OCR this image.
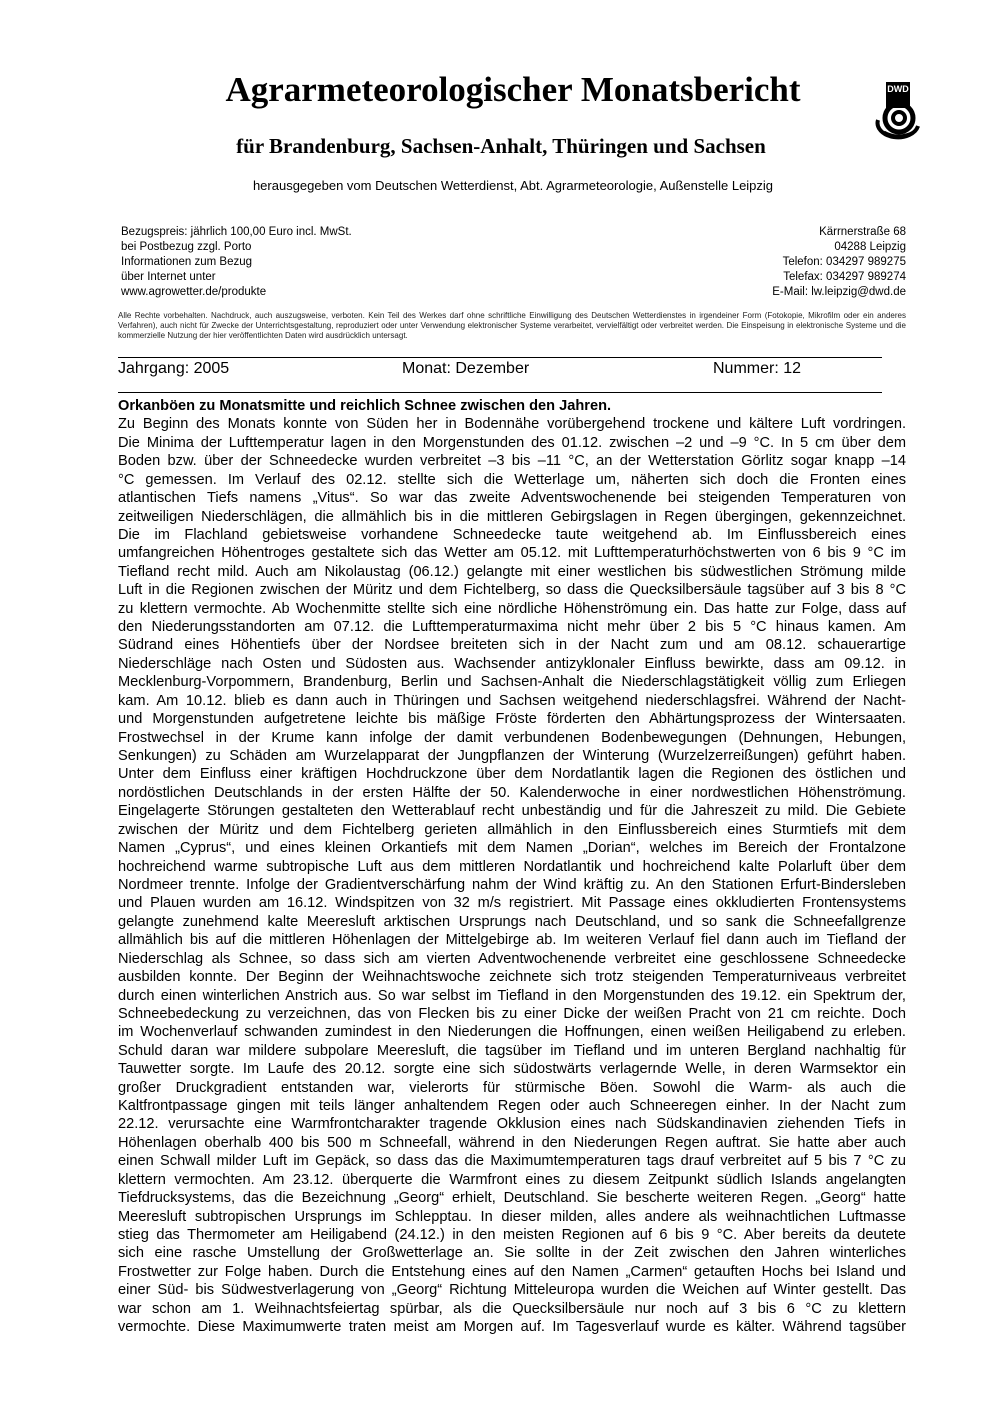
Agrarmeteorologischer Monatsbericht
für Brandenburg, Sachsen-Anhalt, Thüringen und Sachsen
herausgegeben vom Deutschen Wetterdienst, Abt. Agrarmeteorologie, Außenstelle Leipzig
DWD
Bezugspreis: jährlich 100,00 Euro incl. MwSt.
bei Postbezug zzgl. Porto
Informationen zum Bezug
über Internet unter
www.agrowetter.de/produkte
Kärrnerstraße 68
04288 Leipzig
Telefon: 034297 989275
Telefax: 034297 989274
E-Mail: lw.leipzig@dwd.de
Alle Rechte vorbehalten. Nachdruck, auch auszugsweise, verboten. Kein Teil des Werkes darf ohne schriftliche Einwilligung des Deutschen Wetterdienstes in irgendeiner Form (Fotokopie, Mikrofilm oder ein anderes Verfahren), auch nicht für Zwecke der Unterrichtsgestaltung, reproduziert oder unter Verwendung elektronischer Systeme verarbeitet, vervielfältigt oder verbreitet werden. Die Einspeisung in elektronische Systeme und die kommerzielle Nutzung der hier veröffentlichten Daten wird ausdrücklich untersagt.
Jahrgang: 2005	Monat: Dezember	Nummer: 12
Orkanböen zu Monatsmitte und reichlich Schnee zwischen den Jahren.
Zu Beginn des Monats konnte von Süden her in Bodennähe vorübergehend trockene und kältere Luft vordringen.
Die Minima der Lufttemperatur lagen in den Morgenstunden des 01.12. zwischen –2 und –9 °C. In 5 cm über dem
Boden bzw. über der Schneedecke wurden verbreitet –3 bis –11 °C, an der Wetterstation Görlitz sogar knapp –14
°C gemessen. Im Verlauf des 02.12. stellte sich die Wetterlage um, näherten sich doch die Fronten eines
atlantischen Tiefs namens „Vitus“. So war das zweite Adventswochenende bei steigenden Temperaturen von
zeitweiligen Niederschlägen, die allmählich bis in die mittleren Gebirgslagen in Regen übergingen, gekennzeichnet.
Die im Flachland gebietsweise vorhandene Schneedecke taute weitgehend ab. Im Einflussbereich eines
umfangreichen Höhentroges gestaltete sich das Wetter am 05.12. mit Lufttemperaturhöchstwerten von 6 bis 9 °C im
Tiefland recht mild. Auch am Nikolaustag (06.12.) gelangte mit einer westlichen bis südwestlichen Strömung milde
Luft in die Regionen zwischen der Müritz und dem Fichtelberg, so dass die Quecksilbersäule tagsüber auf 3 bis 8 °C
zu klettern vermochte. Ab Wochenmitte stellte sich eine nördliche Höhenströmung ein. Das hatte zur Folge, dass auf
den Niederungsstandorten am 07.12. die Lufttemperaturmaxima nicht mehr über 2 bis 5 °C hinaus kamen. Am
Südrand eines Höhentiefs über der Nordsee breiteten sich in der Nacht zum und am 08.12. schauerartige
Niederschläge nach Osten und Südosten aus. Wachsender antizyklonaler Einfluss bewirkte, dass am 09.12. in
Mecklenburg-Vorpommern, Brandenburg, Berlin und Sachsen-Anhalt die Niederschlagstätigkeit völlig zum Erliegen
kam. Am 10.12. blieb es dann auch in Thüringen und Sachsen weitgehend niederschlagsfrei. Während der Nacht-
und Morgenstunden aufgetretene leichte bis mäßige Fröste förderten den Abhärtungsprozess der Wintersaaten.
Frostwechsel in der Krume kann infolge der damit verbundenen Bodenbewegungen (Dehnungen, Hebungen,
Senkungen) zu Schäden am Wurzelapparat der Jungpflanzen der Winterung (Wurzelzerreißungen) geführt haben.
Unter dem Einfluss einer kräftigen Hochdruckzone über dem Nordatlantik lagen die Regionen des östlichen und
nordöstlichen Deutschlands in der ersten Hälfte der 50. Kalenderwoche in einer nordwestlichen Höhenströmung.
Eingelagerte Störungen gestalteten den Wetterablauf recht unbeständig und für die Jahreszeit zu mild. Die Gebiete
zwischen der Müritz und dem Fichtelberg gerieten allmählich in den Einflussbereich eines Sturmtiefs mit dem
Namen „Cyprus“, und eines kleinen Orkantiefs mit dem Namen „Dorian“, welches im Bereich der Frontalzone
hochreichend warme subtropische Luft aus dem mittleren Nordatlantik und hochreichend kalte Polarluft über dem
Nordmeer trennte. Infolge der Gradientverschärfung nahm der Wind kräftig zu. An den Stationen Erfurt-Bindersleben
und Plauen wurden am 16.12. Windspitzen von 32 m/s registriert. Mit Passage eines okkludierten Frontensystems
gelangte zunehmend kalte Meeresluft arktischen Ursprungs nach Deutschland, und so sank die Schneefallgrenze
allmählich bis auf die mittleren Höhenlagen der Mittelgebirge ab. Im weiteren Verlauf fiel dann auch im Tiefland der
Niederschlag als Schnee, so dass sich am vierten Adventwochenende verbreitet eine geschlossene Schneedecke
ausbilden konnte. Der Beginn der Weihnachtswoche zeichnete sich trotz steigenden Temperaturniveaus verbreitet
durch einen winterlichen Anstrich aus. So war selbst im Tiefland in den Morgenstunden des 19.12. ein Spektrum der,
Schneebedeckung zu verzeichnen, das von Flecken bis zu einer Dicke der weißen Pracht von 21 cm reichte. Doch
im Wochenverlauf schwanden zumindest in den Niederungen die Hoffnungen, einen weißen Heiligabend zu erleben.
Schuld daran war mildere subpolare Meeresluft, die tagsüber im Tiefland und im unteren Bergland nachhaltig für
Tauwetter sorgte. Im Laufe des 20.12. sorgte eine sich südostwärts verlagernde Welle, in deren Warmsektor ein
großer Druckgradient entstanden war, vielerorts für stürmische Böen. Sowohl die Warm- als auch die
Kaltfrontpassage gingen mit teils länger anhaltendem Regen oder auch Schneeregen einher. In der Nacht zum
22.12. verursachte eine Warmfrontcharakter tragende Okklusion eines nach Südskandinavien ziehenden Tiefs in
Höhenlagen oberhalb 400 bis 500 m Schneefall, während in den Niederungen Regen auftrat. Sie hatte aber auch
einen Schwall milder Luft im Gepäck, so dass das die Maximumtemperaturen tags drauf verbreitet auf 5 bis 7 °C zu
klettern vermochten. Am 23.12. überquerte die Warmfront eines zu diesem Zeitpunkt südlich Islands angelangten
Tiefdrucksystems, das die Bezeichnung „Georg“ erhielt, Deutschland. Sie bescherte weiteren Regen. „Georg“ hatte
Meeresluft subtropischen Ursprungs im Schlepptau. In dieser milden, alles andere als weihnachtlichen Luftmasse
stieg das Thermometer am Heiligabend (24.12.) in den meisten Regionen auf 6 bis 9 °C. Aber bereits da deutete
sich eine rasche Umstellung der Großwetterlage an. Sie sollte in der Zeit zwischen den Jahren winterliches
Frostwetter zur Folge haben. Durch die Entstehung eines auf den Namen „Carmen“ getauften Hochs bei Island und
einer Süd- bis Südwestverlagerung von „Georg“ Richtung Mitteleuropa wurden die Weichen auf Winter gestellt. Das
war schon am 1. Weihnachtsfeiertag spürbar, als die Quecksilbersäule nur noch auf 3 bis 6 °C zu klettern
vermochte. Diese Maximumwerte traten meist am Morgen auf. Im Tagesverlauf wurde es kälter. Während tagsüber
